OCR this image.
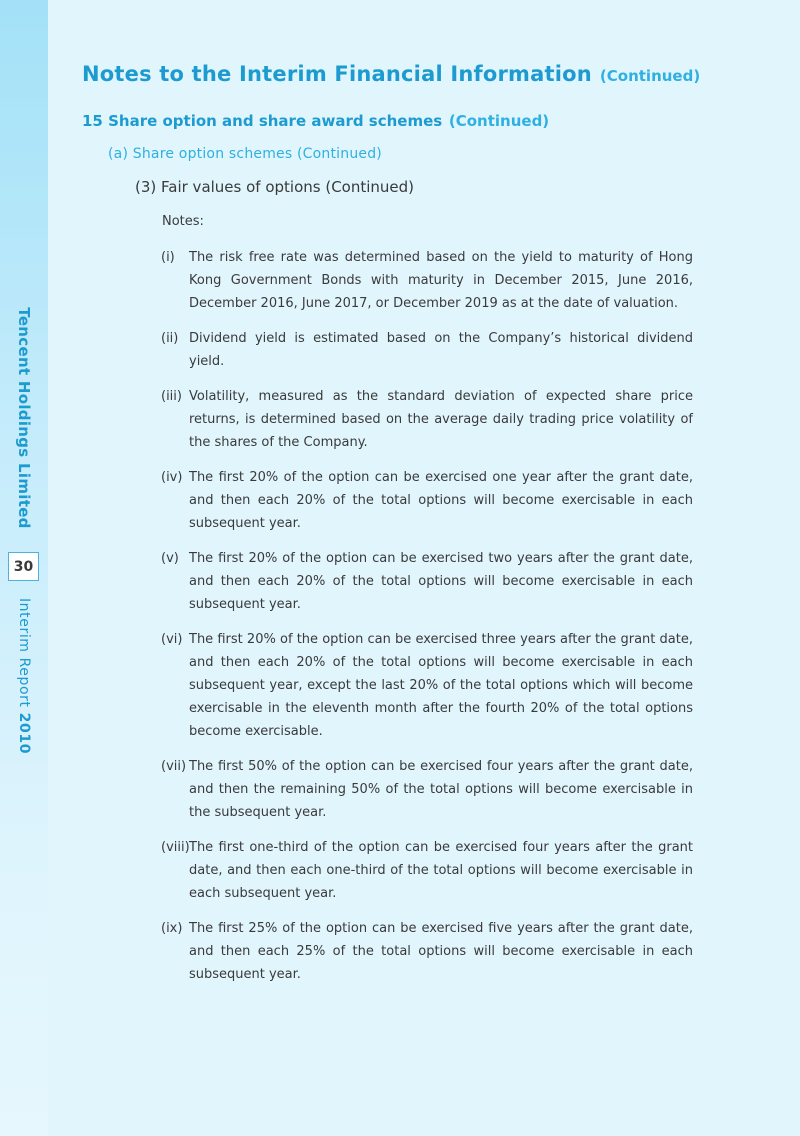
Tencent Holdings Limited
30
Interim Report 2010
Notes to the Interim Financial Information (Continued)
15 Share option and share award schemes (Continued)
(a) Share option schemes (Continued)
(3) Fair values of options (Continued)
Notes:
(i) The risk free rate was determined based on the yield to maturity of Hong Kong Government Bonds with maturity in December 2015, June 2016, December 2016, June 2017, or December 2019 as at the date of valuation.
(ii) Dividend yield is estimated based on the Company’s historical dividend yield.
(iii) Volatility, measured as the standard deviation of expected share price returns, is determined based on the average daily trading price volatility of the shares of the Company.
(iv) The first 20% of the option can be exercised one year after the grant date, and then each 20% of the total options will become exercisable in each subsequent year.
(v) The first 20% of the option can be exercised two years after the grant date, and then each 20% of the total options will become exercisable in each subsequent year.
(vi) The first 20% of the option can be exercised three years after the grant date, and then each 20% of the total options will become exercisable in each subsequent year, except the last 20% of the total options which will become exercisable in the eleventh month after the fourth 20% of the total options become exercisable.
(vii) The first 50% of the option can be exercised four years after the grant date, and then the remaining 50% of the total options will become exercisable in the subsequent year.
(viii) The first one-third of the option can be exercised four years after the grant date, and then each one-third of the total options will become exercisable in each subsequent year.
(ix) The first 25% of the option can be exercised five years after the grant date, and then each 25% of the total options will become exercisable in each subsequent year.
